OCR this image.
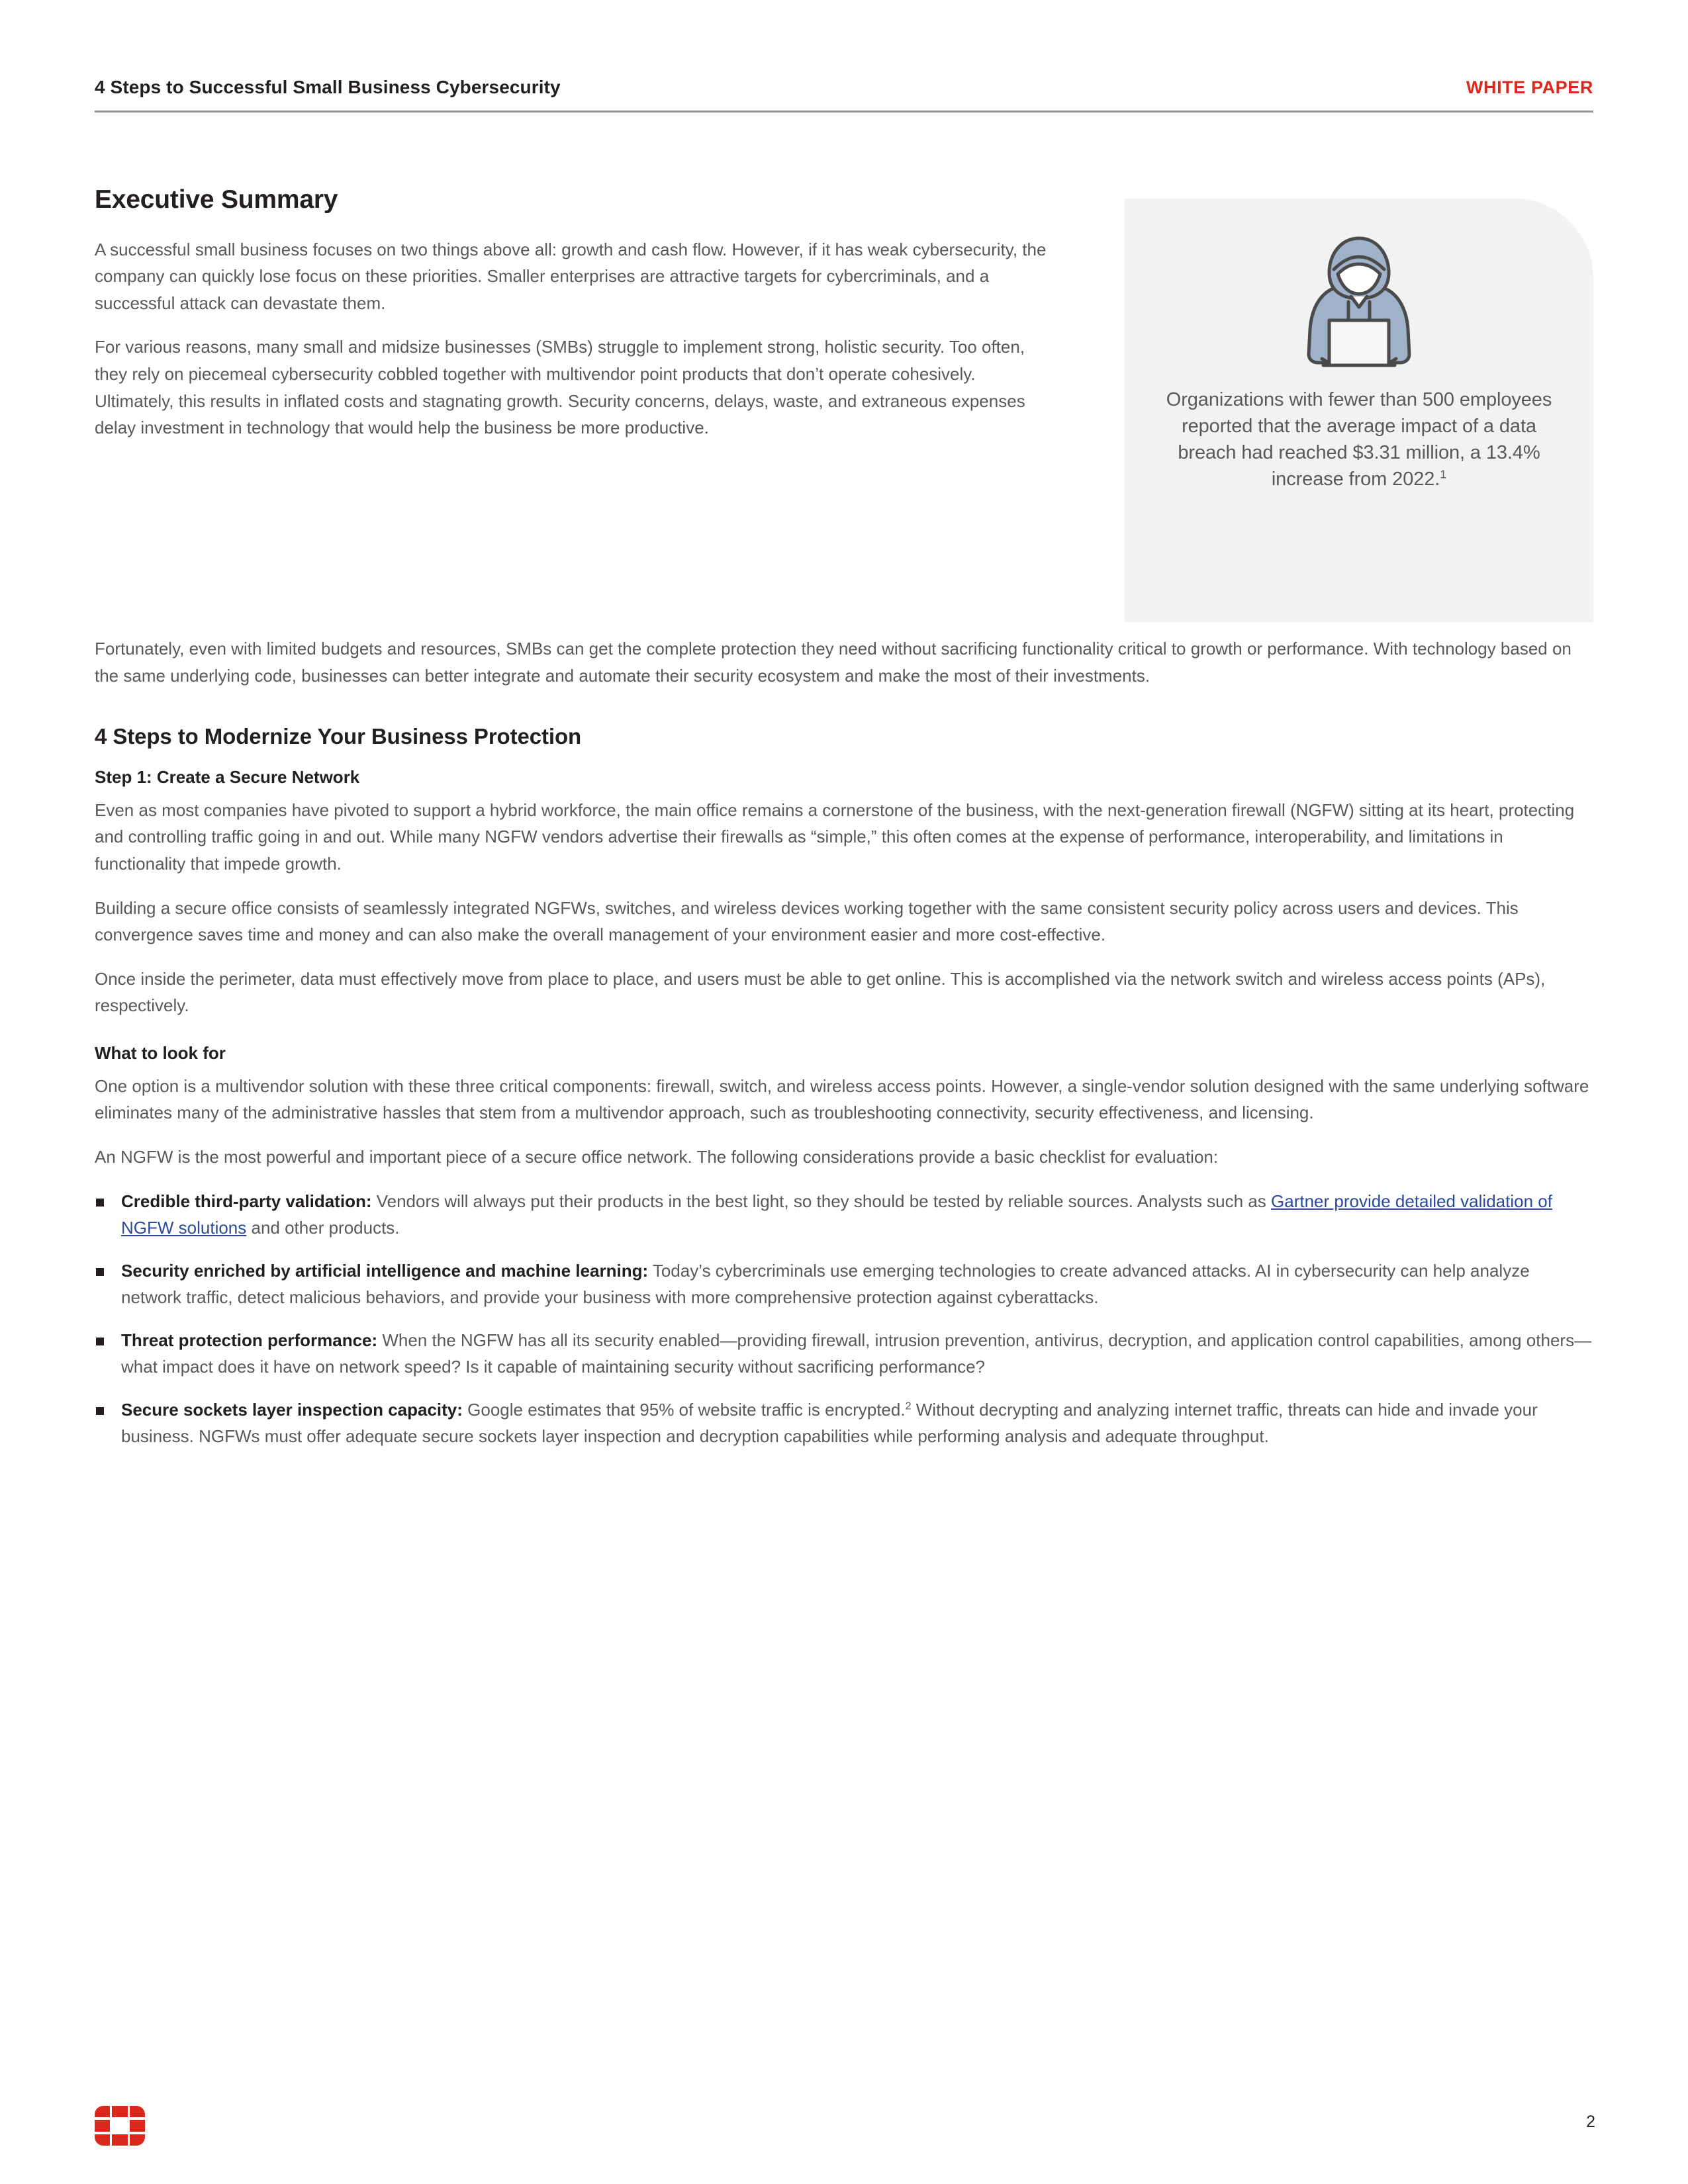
4 Steps to Successful Small Business Cybersecurity	WHITE PAPER

Organizations with fewer than 500 employees reported that the average impact of a data breach had reached $3.31 million, a 13.4% increase from 2022.$^1$

Executive Summary

A successful small business focuses on two things above all: growth and cash flow. However, if it has weak cybersecurity, the company can quickly lose focus on these priorities. Smaller enterprises are attractive targets for cybercriminals, and a successful attack can devastate them.

For various reasons, many small and midsize businesses (SMBs) struggle to implement strong, holistic security. Too often, they rely on piecemeal cybersecurity cobbled together with multivendor point products that don’t operate cohesively. Ultimately, this results in inflated costs and stagnating growth. Security concerns, delays, waste, and extraneous expenses delay investment in technology that would help the business be more productive.

Fortunately, even with limited budgets and resources, SMBs can get the complete protection they need without sacrificing functionality critical to growth or performance. With technology based on the same underlying code, businesses can better integrate and automate their security ecosystem and make the most of their investments.

4 Steps to Modernize Your Business Protection
Step 1: Create a Secure Network

Even as most companies have pivoted to support a hybrid workforce, the main office remains a cornerstone of the business, with the next-generation firewall (NGFW) sitting at its heart, protecting and controlling traffic going in and out. While many NGFW vendors advertise their firewalls as “simple,” this often comes at the expense of performance, interoperability, and limitations in functionality that impede growth.

Building a secure office consists of seamlessly integrated NGFWs, switches, and wireless devices working together with the same consistent security policy across users and devices. This convergence saves time and money and can also make the overall management of your environment easier and more cost-effective.

Once inside the perimeter, data must effectively move from place to place, and users must be able to get online. This is accomplished via the network switch and wireless access points (APs), respectively.

What to look for

One option is a multivendor solution with these three critical components: firewall, switch, and wireless access points. However, a single-vendor solution designed with the same underlying software eliminates many of the administrative hassles that stem from a multivendor approach, such as troubleshooting connectivity, security effectiveness, and licensing.

An NGFW is the most powerful and important piece of a secure office network. The following considerations provide a basic checklist for evaluation:

Credible third-party validation: Vendors will always put their products in the best light, so they should be tested by reliable sources. Analysts such as Gartner provide detailed validation of NGFW solutions and other products.
Security enriched by artificial intelligence and machine learning: Today’s cybercriminals use emerging technologies to create advanced attacks. AI in cybersecurity can help analyze network traffic, detect malicious behaviors, and provide your business with more comprehensive protection against cyberattacks.
Threat protection performance: When the NGFW has all its security enabled—providing firewall, intrusion prevention, antivirus, decryption, and application control capabilities, among others—what impact does it have on network speed? Is it capable of maintaining security without sacrificing performance?
Secure sockets layer inspection capacity: Google estimates that 95% of website traffic is encrypted.$^2$ Without decrypting and analyzing internet traffic, threats can hide and invade your business. NGFWs must offer adequate secure sockets layer inspection and decryption capabilities while performing analysis and adequate throughput.
2
